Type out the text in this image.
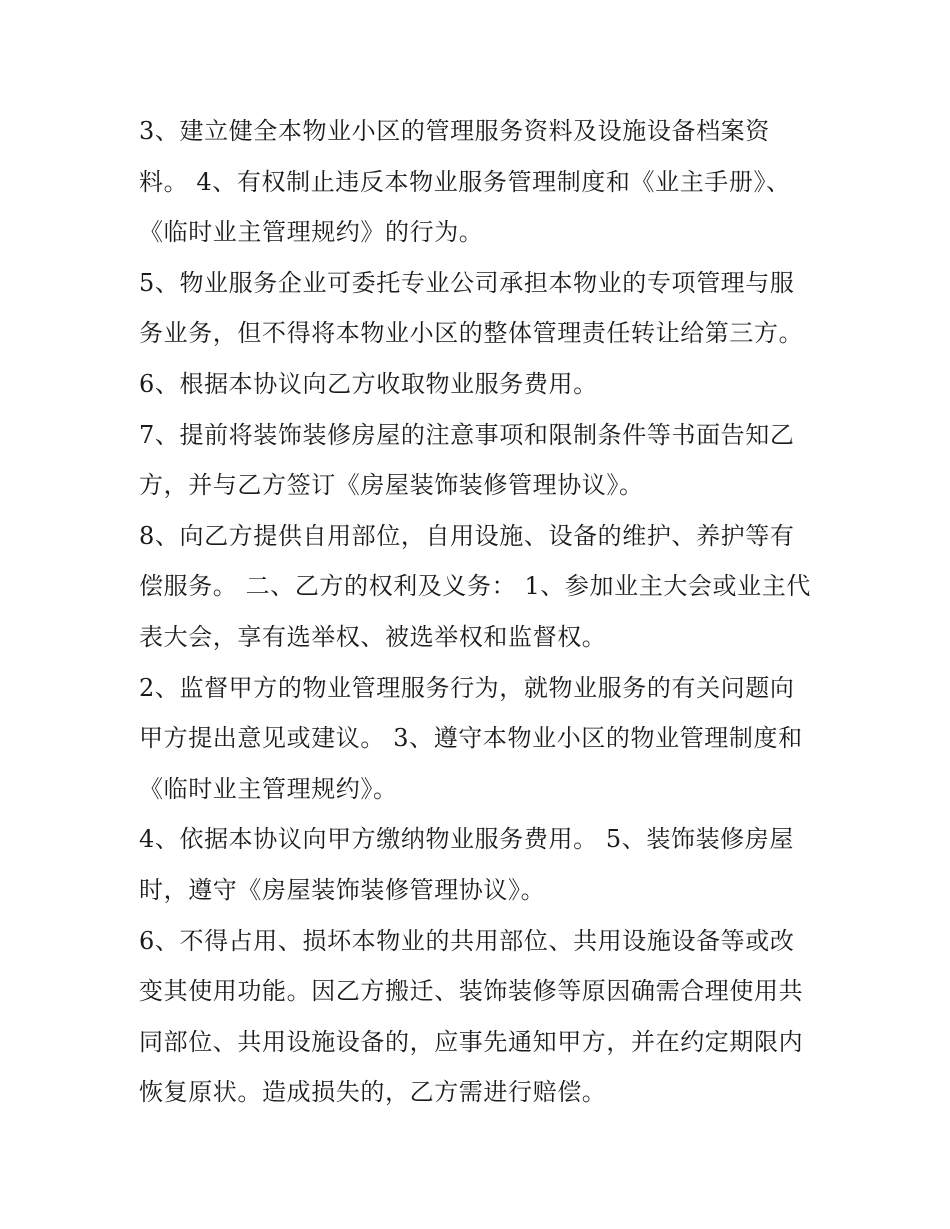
3、建立健全本物业小区的管理服务资料及设施设备档案资
料。 4、有权制止违反本物业服务管理制度和《业主手册》、
《临时业主管理规约》的行为。
5、物业服务企业可委托专业公司承担本物业的专项管理与服
务业务，但不得将本物业小区的整体管理责任转让给第三方。
6、根据本协议向乙方收取物业服务费用。
7、提前将装饰装修房屋的注意事项和限制条件等书面告知乙
方，并与乙方签订《房屋装饰装修管理协议》。
8、向乙方提供自用部位，自用设施、设备的维护、养护等有
偿服务。 二、乙方的权利及义务： 1、参加业主大会或业主代
表大会，享有选举权、被选举权和监督权。
2、监督甲方的物业管理服务行为，就物业服务的有关问题向
甲方提出意见或建议。 3、遵守本物业小区的物业管理制度和
《临时业主管理规约》。
4、依据本协议向甲方缴纳物业服务费用。 5、装饰装修房屋
时，遵守《房屋装饰装修管理协议》。
6、不得占用、损坏本物业的共用部位、共用设施设备等或改
变其使用功能。因乙方搬迁、装饰装修等原因确需合理使用共
同部位、共用设施设备的，应事先通知甲方，并在约定期限内
恢复原状。造成损失的，乙方需进行赔偿。
